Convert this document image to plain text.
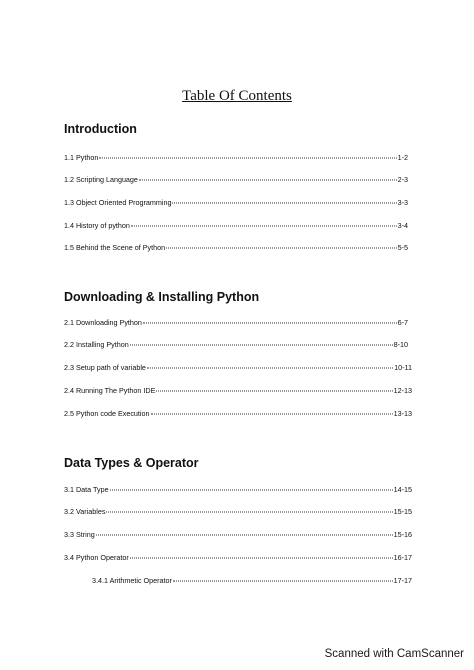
Table Of Contents
Introduction
1.1 Python	1-2
1.2 Scripting Language	2-3
1.3 Object Oriented Programming	3-3
1.4 History of python	3-4
1.5 Behind the Scene of Python	5-5
Downloading & Installing Python
2.1 Downloading Python	6-7
2.2 Installing Python	8-10
2.3 Setup path of variable	10-11
2.4 Running The Python IDE	12-13
2.5 Python code Execution	13-13
Data Types & Operator
3.1 Data Type	14-15
3.2 Variables	15-15
3.3 String	15-16
3.4 Python Operator	16-17
3.4.1 Arithmetic Operator	17-17
Scanned with CamScanner
